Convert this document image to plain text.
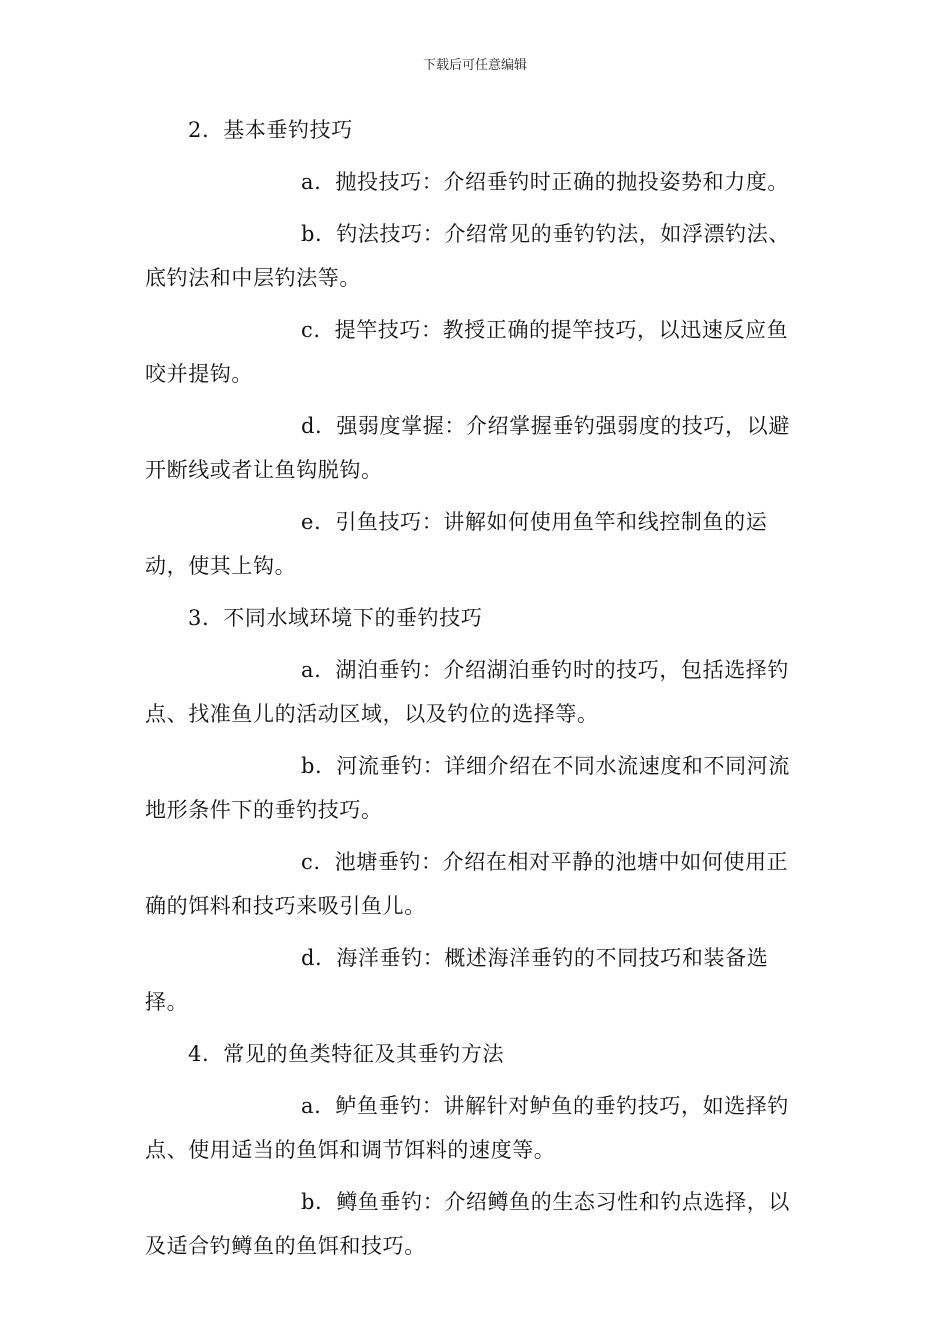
下载后可任意编辑

2. 基本垂钓技巧

a. 抛投技巧：介绍垂钓时正确的抛投姿势和力度。

b. 钓法技巧：介绍常见的垂钓钓法，如浮漂钓法、底钓法和中层钓法等。

c. 提竿技巧：教授正确的提竿技巧，以迅速反应鱼咬并提钩。

d. 强弱度掌握：介绍掌握垂钓强弱度的技巧，以避开断线或者让鱼钩脱钩。

e. 引鱼技巧：讲解如何使用鱼竿和线控制鱼的运动，使其上钩。

3. 不同水域环境下的垂钓技巧

a. 湖泊垂钓：介绍湖泊垂钓时的技巧，包括选择钓点、找准鱼儿的活动区域，以及钓位的选择等。

b. 河流垂钓：详细介绍在不同水流速度和不同河流地形条件下的垂钓技巧。

c. 池塘垂钓：介绍在相对平静的池塘中如何使用正确的饵料和技巧来吸引鱼儿。

d. 海洋垂钓：概述海洋垂钓的不同技巧和装备选择。

4. 常见的鱼类特征及其垂钓方法

a. 鲈鱼垂钓：讲解针对鲈鱼的垂钓技巧，如选择钓点、使用适当的鱼饵和调节饵料的速度等。

b. 鳟鱼垂钓：介绍鳟鱼的生态习性和钓点选择，以及适合钓鳟鱼的鱼饵和技巧。
